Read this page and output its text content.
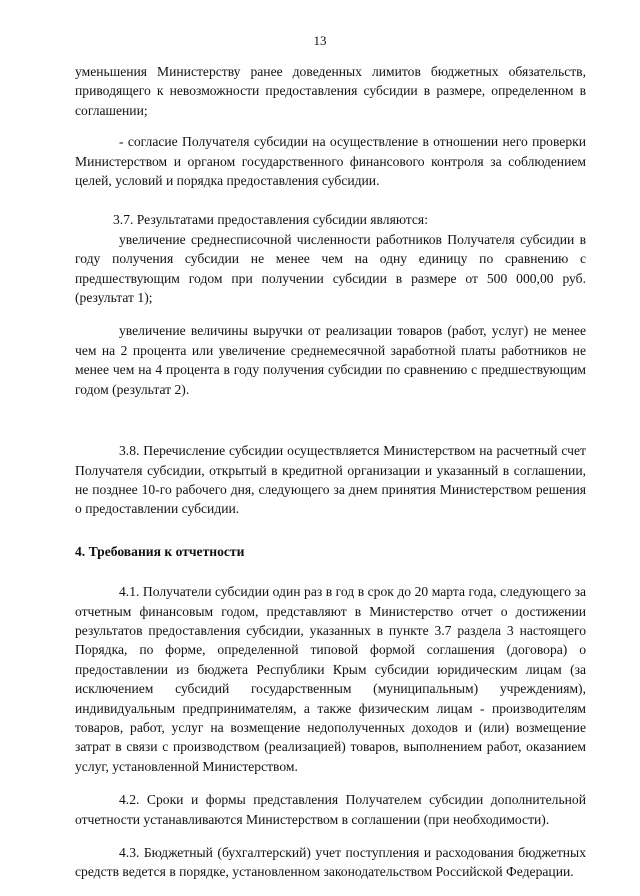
13

уменьшения Министерству ранее доведенных лимитов бюджетных обязательств, приводящего к невозможности предоставления субсидии в размере, определенном в соглашении;

- согласие Получателя субсидии на осуществление в отношении него проверки Министерством и органом государственного финансового контроля за соблюдением целей, условий и порядка предоставления субсидии.

3.7. Результатами предоставления субсидии являются:

увеличение среднесписочной численности работников Получателя субсидии в году получения субсидии не менее чем на одну единицу по сравнению с предшествующим годом при получении субсидии в размере от 500 000,00 руб. (результат 1);

увеличение величины выручки от реализации товаров (работ, услуг) не менее чем на 2 процента или увеличение среднемесячной заработной платы работников не менее чем на 4 процента в году получения субсидии по сравнению с предшествующим годом (результат 2).

3.8. Перечисление субсидии осуществляется Министерством на расчетный счет Получателя субсидии, открытый в кредитной организации и указанный в соглашении, не позднее 10-го рабочего дня, следующего за днем принятия Министерством решения о предоставлении субсидии.

4. Требования к отчетности

4.1. Получатели субсидии один раз в год в срок до 20 марта года, следующего за отчетным финансовым годом, представляют в Министерство отчет о достижении результатов предоставления субсидии, указанных в пункте 3.7 раздела 3 настоящего Порядка, по форме, определенной типовой формой соглашения (договора) о предоставлении из бюджета Республики Крым субсидии юридическим лицам (за исключением субсидий государственным (муниципальным) учреждениям), индивидуальным предпринимателям, а также физическим лицам - производителям товаров, работ, услуг на возмещение недополученных доходов и (или) возмещение затрат в связи с производством (реализацией) товаров, выполнением работ, оказанием услуг, установленной Министерством.

4.2. Сроки и формы представления Получателем субсидии дополнительной отчетности устанавливаются Министерством в соглашении (при необходимости).

4.3. Бюджетный (бухгалтерский) учет поступления и расходования бюджетных средств ведется в порядке, установленном законодательством Российской Федерации.
